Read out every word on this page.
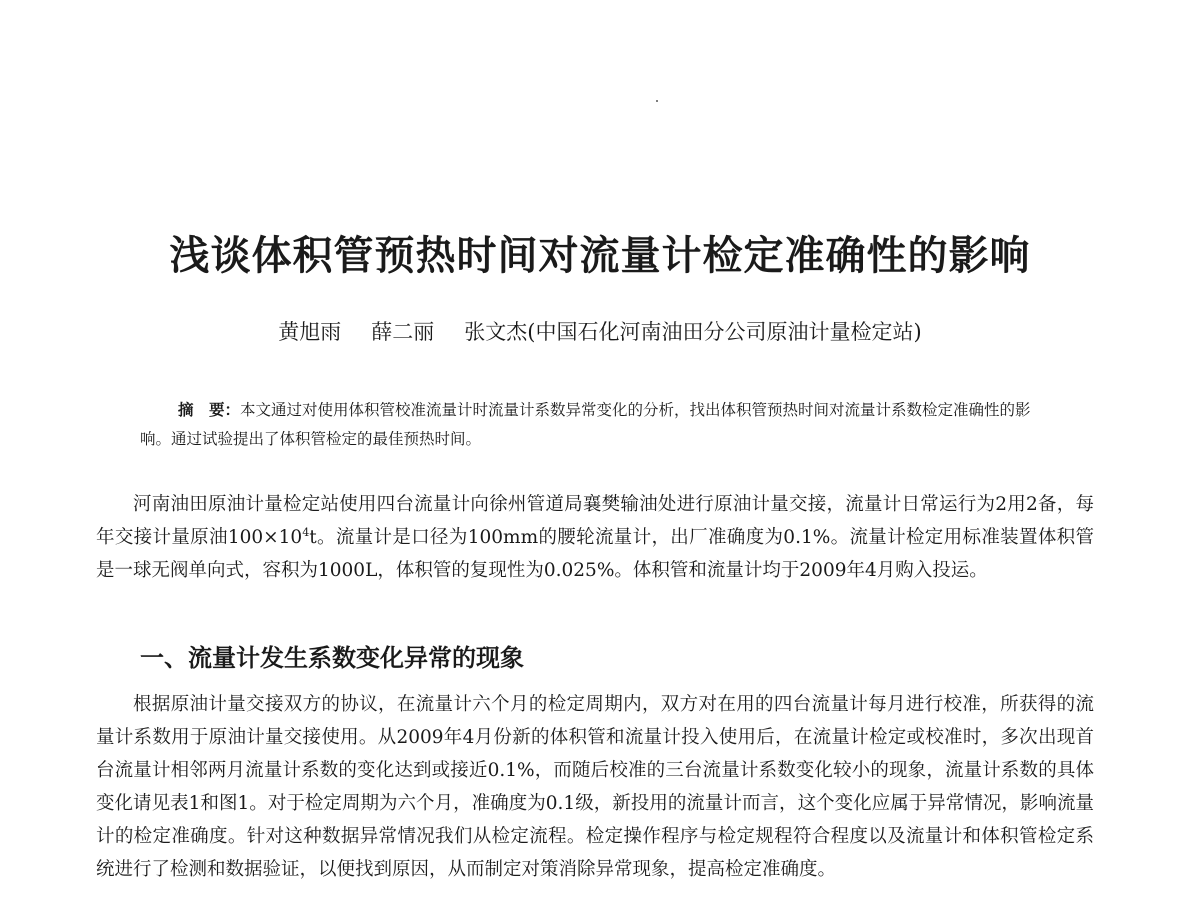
浅谈体积管预热时间对流量计检定准确性的影响
黄旭雨 薛二丽 张文杰(中国石化河南油田分公司原油计量检定站)
摘　要：本文通过对使用体积管校准流量计时流量计系数异常变化的分析，找出体积管预热时间对流量计系数检定准确性的影响。通过试验提出了体积管检定的最佳预热时间。

河南油田原油计量检定站使用四台流量计向徐州管道局襄樊输油处进行原油计量交接，流量计日常运行为2用2备，每年交接计量原油$100\times 10^4t$。流量计是口径为100mm的腰轮流量计，出厂准确度为0.1%。流量计检定用标准装置体积管是一球无阀单向式，容积为1000L，体积管的复现性为0.025%。体积管和流量计均于2009年4月购入投运。

一、流量计发生系数变化异常的现象

根据原油计量交接双方的协议，在流量计六个月的检定周期内，双方对在用的四台流量计每月进行校准，所获得的流量计系数用于原油计量交接使用。从2009年4月份新的体积管和流量计投入使用后，在流量计检定或校准时，多次出现首台流量计相邻两月流量计系数的变化达到或接近0.1%，而随后校准的三台流量计系数变化较小的现象，流量计系数的具体变化请见表1和图1。对于检定周期为六个月，准确度为0.1级，新投用的流量计而言，这个变化应属于异常情况，影响流量计的检定准确度。针对这种数据异常情况我们从检定流程。检定操作程序与检定规程符合程度以及流量计和体积管检定系统进行了检测和数据验证，以便找到原因，从而制定对策消除异常现象，提高检定准确度。
